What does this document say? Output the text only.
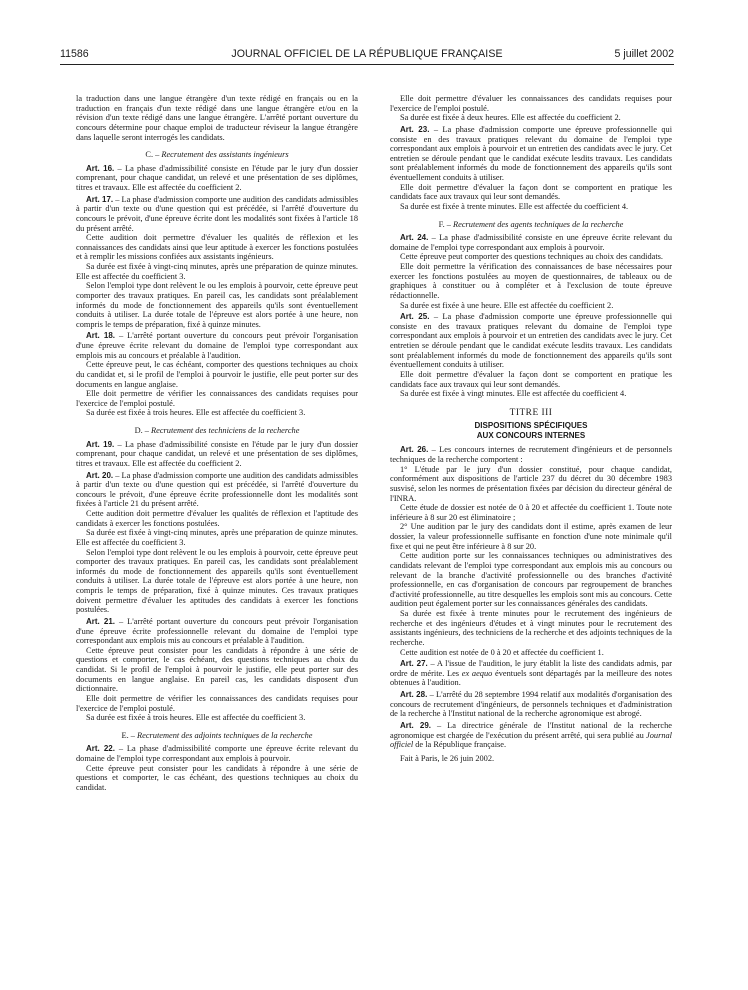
11586	JOURNAL OFFICIEL DE LA RÉPUBLIQUE FRANÇAISE	5 juillet 2002

la traduction dans une langue étrangère d'un texte rédigé en français ou en la traduction en français d'un texte rédigé dans une langue étrangère et/ou en la révision d'un texte rédigé dans une langue étrangère. L'arrêté portant ouverture du concours détermine pour chaque emploi de traducteur réviseur la langue étrangère dans laquelle seront interrogés les candidats.

C. – Recrutement des assistants ingénieurs

Art. 16. – La phase d'admissibilité consiste en l'étude par le jury d'un dossier comprenant, pour chaque candidat, un relevé et une présentation de ses diplômes, titres et travaux. Elle est affectée du coefficient 2.

Art. 17. – La phase d'admission comporte une audition des candidats admissibles à partir d'un texte ou d'une question qui est précédée, si l'arrêté d'ouverture du concours le prévoit, d'une épreuve écrite dont les modalités sont fixées à l'article 18 du présent arrêté.

Cette audition doit permettre d'évaluer les qualités de réflexion et les connaissances des candidats ainsi que leur aptitude à exercer les fonctions postulées et à remplir les missions confiées aux assistants ingénieurs.

Sa durée est fixée à vingt-cinq minutes, après une préparation de quinze minutes. Elle est affectée du coefficient 3.

Selon l'emploi type dont relèvent le ou les emplois à pourvoir, cette épreuve peut comporter des travaux pratiques. En pareil cas, les candidats sont préalablement informés du mode de fonctionnement des appareils qu'ils sont éventuellement conduits à utiliser. La durée totale de l'épreuve est alors portée à une heure, non compris le temps de préparation, fixé à quinze minutes.

Art. 18. – L'arrêté portant ouverture du concours peut prévoir l'organisation d'une épreuve écrite relevant du domaine de l'emploi type correspondant aux emplois mis au concours et préalable à l'audition.

Cette épreuve peut, le cas échéant, comporter des questions techniques au choix du candidat et, si le profil de l'emploi à pourvoir le justifie, elle peut porter sur des documents en langue anglaise.

Elle doit permettre de vérifier les connaissances des candidats requises pour l'exercice de l'emploi postulé.

Sa durée est fixée à trois heures. Elle est affectée du coefficient 3.

D. – Recrutement des techniciens de la recherche

Art. 19. – La phase d'admissibilité consiste en l'étude par le jury d'un dossier comprenant, pour chaque candidat, un relevé et une présentation de ses diplômes, titres et travaux. Elle est affectée du coefficient 2.

Art. 20. – La phase d'admission comporte une audition des candidats admissibles à partir d'un texte ou d'une question qui est précédée, si l'arrêté d'ouverture du concours le prévoit, d'une épreuve écrite professionnelle dont les modalités sont fixées à l'article 21 du présent arrêté.

Cette audition doit permettre d'évaluer les qualités de réflexion et l'aptitude des candidats à exercer les fonctions postulées.

Sa durée est fixée à vingt-cinq minutes, après une préparation de quinze minutes. Elle est affectée du coefficient 3.

Selon l'emploi type dont relèvent le ou les emplois à pourvoir, cette épreuve peut comporter des travaux pratiques. En pareil cas, les candidats sont préalablement informés du mode de fonctionnement des appareils qu'ils sont éventuellement conduits à utiliser. La durée totale de l'épreuve est alors portée à une heure, non compris le temps de préparation, fixé à quinze minutes. Ces travaux pratiques doivent permettre d'évaluer les aptitudes des candidats à exercer les fonctions postulées.

Art. 21. – L'arrêté portant ouverture du concours peut prévoir l'organisation d'une épreuve écrite professionnelle relevant du domaine de l'emploi type correspondant aux emplois mis au concours et préalable à l'audition.

Cette épreuve peut consister pour les candidats à répondre à une série de questions et comporter, le cas échéant, des questions techniques au choix du candidat. Si le profil de l'emploi à pourvoir le justifie, elle peut porter sur des documents en langue anglaise. En pareil cas, les candidats disposent d'un dictionnaire.

Elle doit permettre de vérifier les connaissances des candidats requises pour l'exercice de l'emploi postulé.

Sa durée est fixée à trois heures. Elle est affectée du coefficient 3.

E. – Recrutement des adjoints techniques de la recherche

Art. 22. – La phase d'admissibilité comporte une épreuve écrite relevant du domaine de l'emploi type correspondant aux emplois à pourvoir.

Cette épreuve peut consister pour les candidats à répondre à une série de questions et comporter, le cas échéant, des questions techniques au choix du candidat.

Elle doit permettre d'évaluer les connaissances des candidats requises pour l'exercice de l'emploi postulé.

Sa durée est fixée à deux heures. Elle est affectée du coefficient 2.

Art. 23. – La phase d'admission comporte une épreuve professionnelle qui consiste en des travaux pratiques relevant du domaine de l'emploi type correspondant aux emplois à pourvoir et un entretien des candidats avec le jury. Cet entretien se déroule pendant que le candidat exécute lesdits travaux. Les candidats sont préalablement informés du mode de fonctionnement des appareils qu'ils sont éventuellement conduits à utiliser.

Elle doit permettre d'évaluer la façon dont se comportent en pratique les candidats face aux travaux qui leur sont demandés.

Sa durée est fixée à trente minutes. Elle est affectée du coefficient 4.

F. – Recrutement des agents techniques de la recherche

Art. 24. – La phase d'admissibilité consiste en une épreuve écrite relevant du domaine de l'emploi type correspondant aux emplois à pourvoir.

Cette épreuve peut comporter des questions techniques au choix des candidats.

Elle doit permettre la vérification des connaissances de base nécessaires pour exercer les fonctions postulées au moyen de questionnaires, de tableaux ou de graphiques à constituer ou à compléter et à l'exclusion de toute épreuve rédactionnelle.

Sa durée est fixée à une heure. Elle est affectée du coefficient 2.

Art. 25. – La phase d'admission comporte une épreuve professionnelle qui consiste en des travaux pratiques relevant du domaine de l'emploi type correspondant aux emplois à pourvoir et un entretien des candidats avec le jury. Cet entretien se déroule pendant que le candidat exécute lesdits travaux. Les candidats sont préalablement informés du mode de fonctionnement des appareils qu'ils sont éventuellement conduits à utiliser.

Elle doit permettre d'évaluer la façon dont se comportent en pratique les candidats face aux travaux qui leur sont demandés.

Sa durée est fixée à vingt minutes. Elle est affectée du coefficient 4.

TITRE III

DISPOSITIONS SPÉCIFIQUES
AUX CONCOURS INTERNES

Art. 26. – Les concours internes de recrutement d'ingénieurs et de personnels techniques de la recherche comportent :

1° L'étude par le jury d'un dossier constitué, pour chaque candidat, conformément aux dispositions de l'article 237 du décret du 30 décembre 1983 susvisé, selon les normes de présentation fixées par décision du directeur général de l'INRA.

Cette étude de dossier est notée de 0 à 20 et affectée du coefficient 1. Toute note inférieure à 8 sur 20 est éliminatoire ;

2° Une audition par le jury des candidats dont il estime, après examen de leur dossier, la valeur professionnelle suffisante en fonction d'une note minimale qu'il fixe et qui ne peut être inférieure à 8 sur 20.

Cette audition porte sur les connaissances techniques ou administratives des candidats relevant de l'emploi type correspondant aux emplois mis au concours ou relevant de la branche d'activité professionnelle ou des branches d'activité professionnelle, en cas d'organisation de concours par regroupement de branches d'activité professionnelle, au titre desquelles les emplois sont mis au concours. Cette audition peut également porter sur les connaissances générales des candidats.

Sa durée est fixée à trente minutes pour le recrutement des ingénieurs de recherche et des ingénieurs d'études et à vingt minutes pour le recrutement des assistants ingénieurs, des techniciens de la recherche et des adjoints techniques de la recherche.

Cette audition est notée de 0 à 20 et affectée du coefficient 1.

Art. 27. – A l'issue de l'audition, le jury établit la liste des candidats admis, par ordre de mérite. Les ex aequo éventuels sont départagés par la meilleure des notes obtenues à l'audition.

Art. 28. – L'arrêté du 28 septembre 1994 relatif aux modalités d'organisation des concours de recrutement d'ingénieurs, de personnels techniques et d'administration de la recherche à l'Institut national de la recherche agronomique est abrogé.

Art. 29. – La directrice générale de l'Institut national de la recherche agronomique est chargée de l'exécution du présent arrêté, qui sera publié au Journal officiel de la République française.

Fait à Paris, le 26 juin 2002.
